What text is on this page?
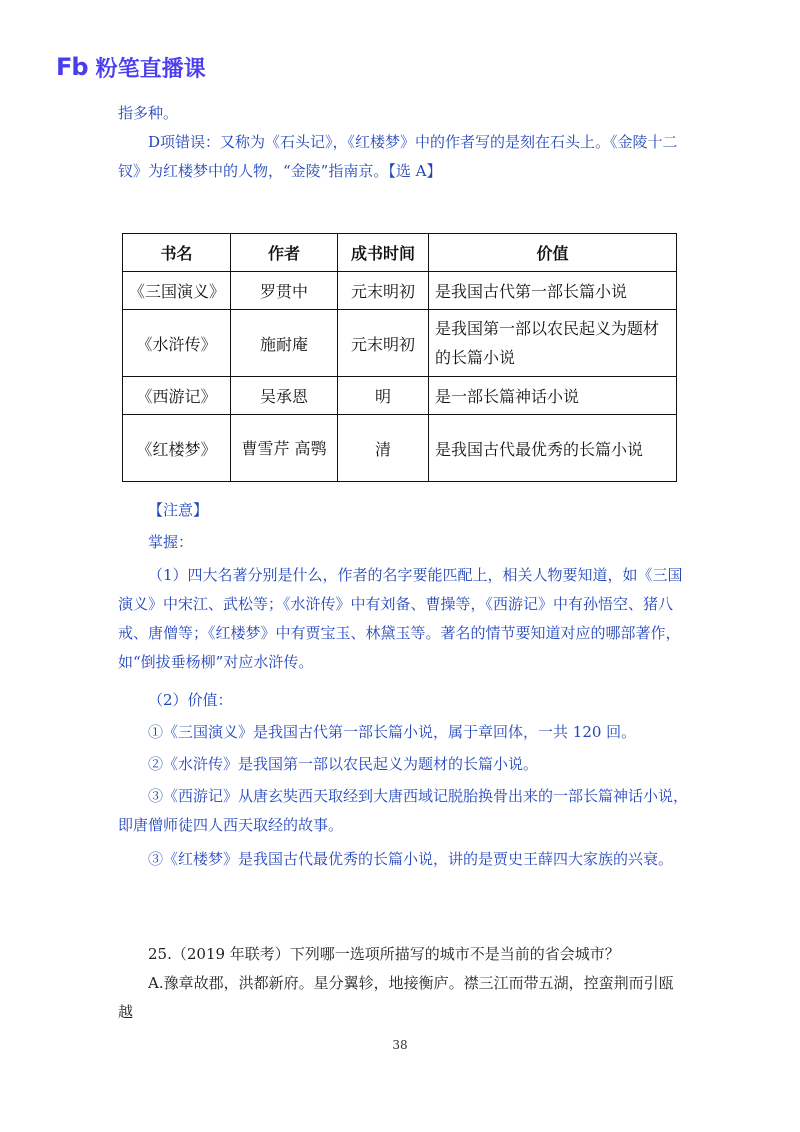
Fb 粉笔直播课

指多种。

D项错误：又称为《石头记》，《红楼梦》中的作者写的是刻在石头上。《金陵十二钗》为红楼梦中的人物，“金陵”指南京。【选 A】

书名	作者	成书时间	价值
《三国演义》	罗贯中	元末明初	是我国古代第一部长篇小说
《水浒传》	施耐庵	元末明初	是我国第一部以农民起义为题材的长篇小说
《西游记》	吴承恩	明	是一部长篇神话小说
《红楼梦》	曹雪芹 高鹗	清	是我国古代最优秀的长篇小说

【注意】

掌握：

（1）四大名著分别是什么，作者的名字要能匹配上，相关人物要知道，如《三国演义》中宋江、武松等；《水浒传》中有刘备、曹操等，《西游记》中有孙悟空、猪八戒、唐僧等；《红楼梦》中有贾宝玉、林黛玉等。著名的情节要知道对应的哪部著作，如“倒拔垂杨柳”对应水浒传。

（2）价值：

①《三国演义》是我国古代第一部长篇小说，属于章回体，一共 120 回。

②《水浒传》是我国第一部以农民起义为题材的长篇小说。

③《西游记》从唐玄奘西天取经到大唐西域记脱胎换骨出来的一部长篇神话小说，即唐僧师徒四人西天取经的故事。

③《红楼梦》是我国古代最优秀的长篇小说，讲的是贾史王薛四大家族的兴衰。

25.（2019 年联考）下列哪一选项所描写的城市不是当前的省会城市？

A.豫章故郡，洪都新府。星分翼轸，地接衡庐。襟三江而带五湖，控蛮荆而引瓯越

38
